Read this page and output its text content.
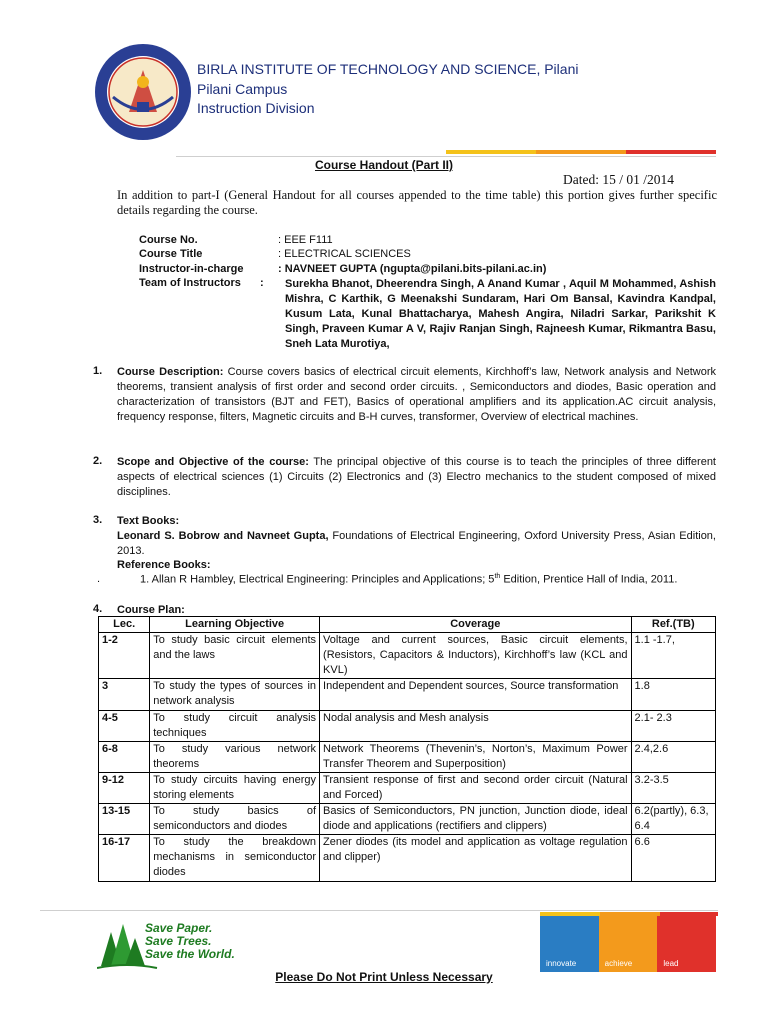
BIRLA INSTITUTE OF TECHNOLOGY AND SCIENCE, Pilani
Pilani Campus
Instruction Division
Course Handout (Part II)
Dated: 15 / 01 /2014
In addition to part-I (General Handout for all courses appended to the time table) this portion gives further specific details regarding the course.
Course No.	: EEE F111
Course Title	: ELECTRICAL SCIENCES
Instructor-in-charge	: NAVNEET GUPTA (ngupta@pilani.bits-pilani.ac.in)
Team of Instructors : Surekha Bhanot, Dheerendra Singh, A Anand Kumar , Aquil M Mohammed, Ashish Mishra, C Karthik, G Meenakshi Sundaram, Hari Om Bansal, Kavindra Kandpal, Kusum Lata, Kunal Bhattacharya, Mahesh Angira, Niladri Sarkar, Parikshit K Singh, Praveen Kumar A V, Rajiv Ranjan Singh, Rajneesh Kumar, Rikmantra Basu, Sneh Lata Murotiya,
1. Course Description: Course covers basics of electrical circuit elements, Kirchhoff’s law, Network analysis and Network theorems, transient analysis of first order and second order circuits. , Semiconductors and diodes, Basic operation and characterization of transistors (BJT and FET), Basics of operational amplifiers and its application.AC circuit analysis, frequency response, filters, Magnetic circuits and B-H curves, transformer, Overview of electrical machines.
2. Scope and Objective of the course: The principal objective of this course is to teach the principles of three different aspects of electrical sciences (1) Circuits (2) Electronics and (3) Electro mechanics to the student composed of mixed disciplines.
3. Text Books:
Leonard S. Bobrow and Navneet Gupta, Foundations of Electrical Engineering, Oxford University Press, Asian Edition, 2013.
Reference Books:
.	1. Allan R Hambley, Electrical Engineering: Principles and Applications; 5th Edition, Prentice Hall of India, 2011.
4. Course Plan:
Lec.	Learning Objective	Coverage	Ref.(TB)
1-2	To study basic circuit elements and the laws	Voltage and current sources, Basic circuit elements, (Resistors, Capacitors & Inductors), Kirchhoff’s law (KCL and KVL)	1.1 -1.7,
3	To study the types of sources in network analysis	Independent and Dependent sources, Source transformation	1.8
4-5	To study circuit analysis techniques	Nodal analysis and Mesh analysis	2.1- 2.3
6-8	To study various network theorems	Network Theorems (Thevenin’s, Norton’s, Maximum Power Transfer Theorem and Superposition)	2.4,2.6
9-12	To study circuits having energy storing elements	Transient response of first and second order circuit (Natural and Forced)	3.2-3.5
13-15	To study basics of semiconductors and diodes	Basics of Semiconductors, PN junction, Junction diode, ideal diode and applications (rectifiers and clippers)	6.2(partly), 6.3, 6.4
16-17	To study the breakdown mechanisms in semiconductor diodes	Zener diodes (its model and application as voltage regulation and clipper)	6.6
Save Paper.
Save Trees.
Save the World.
innovate	achieve	lead
Please Do Not Print Unless Necessary
